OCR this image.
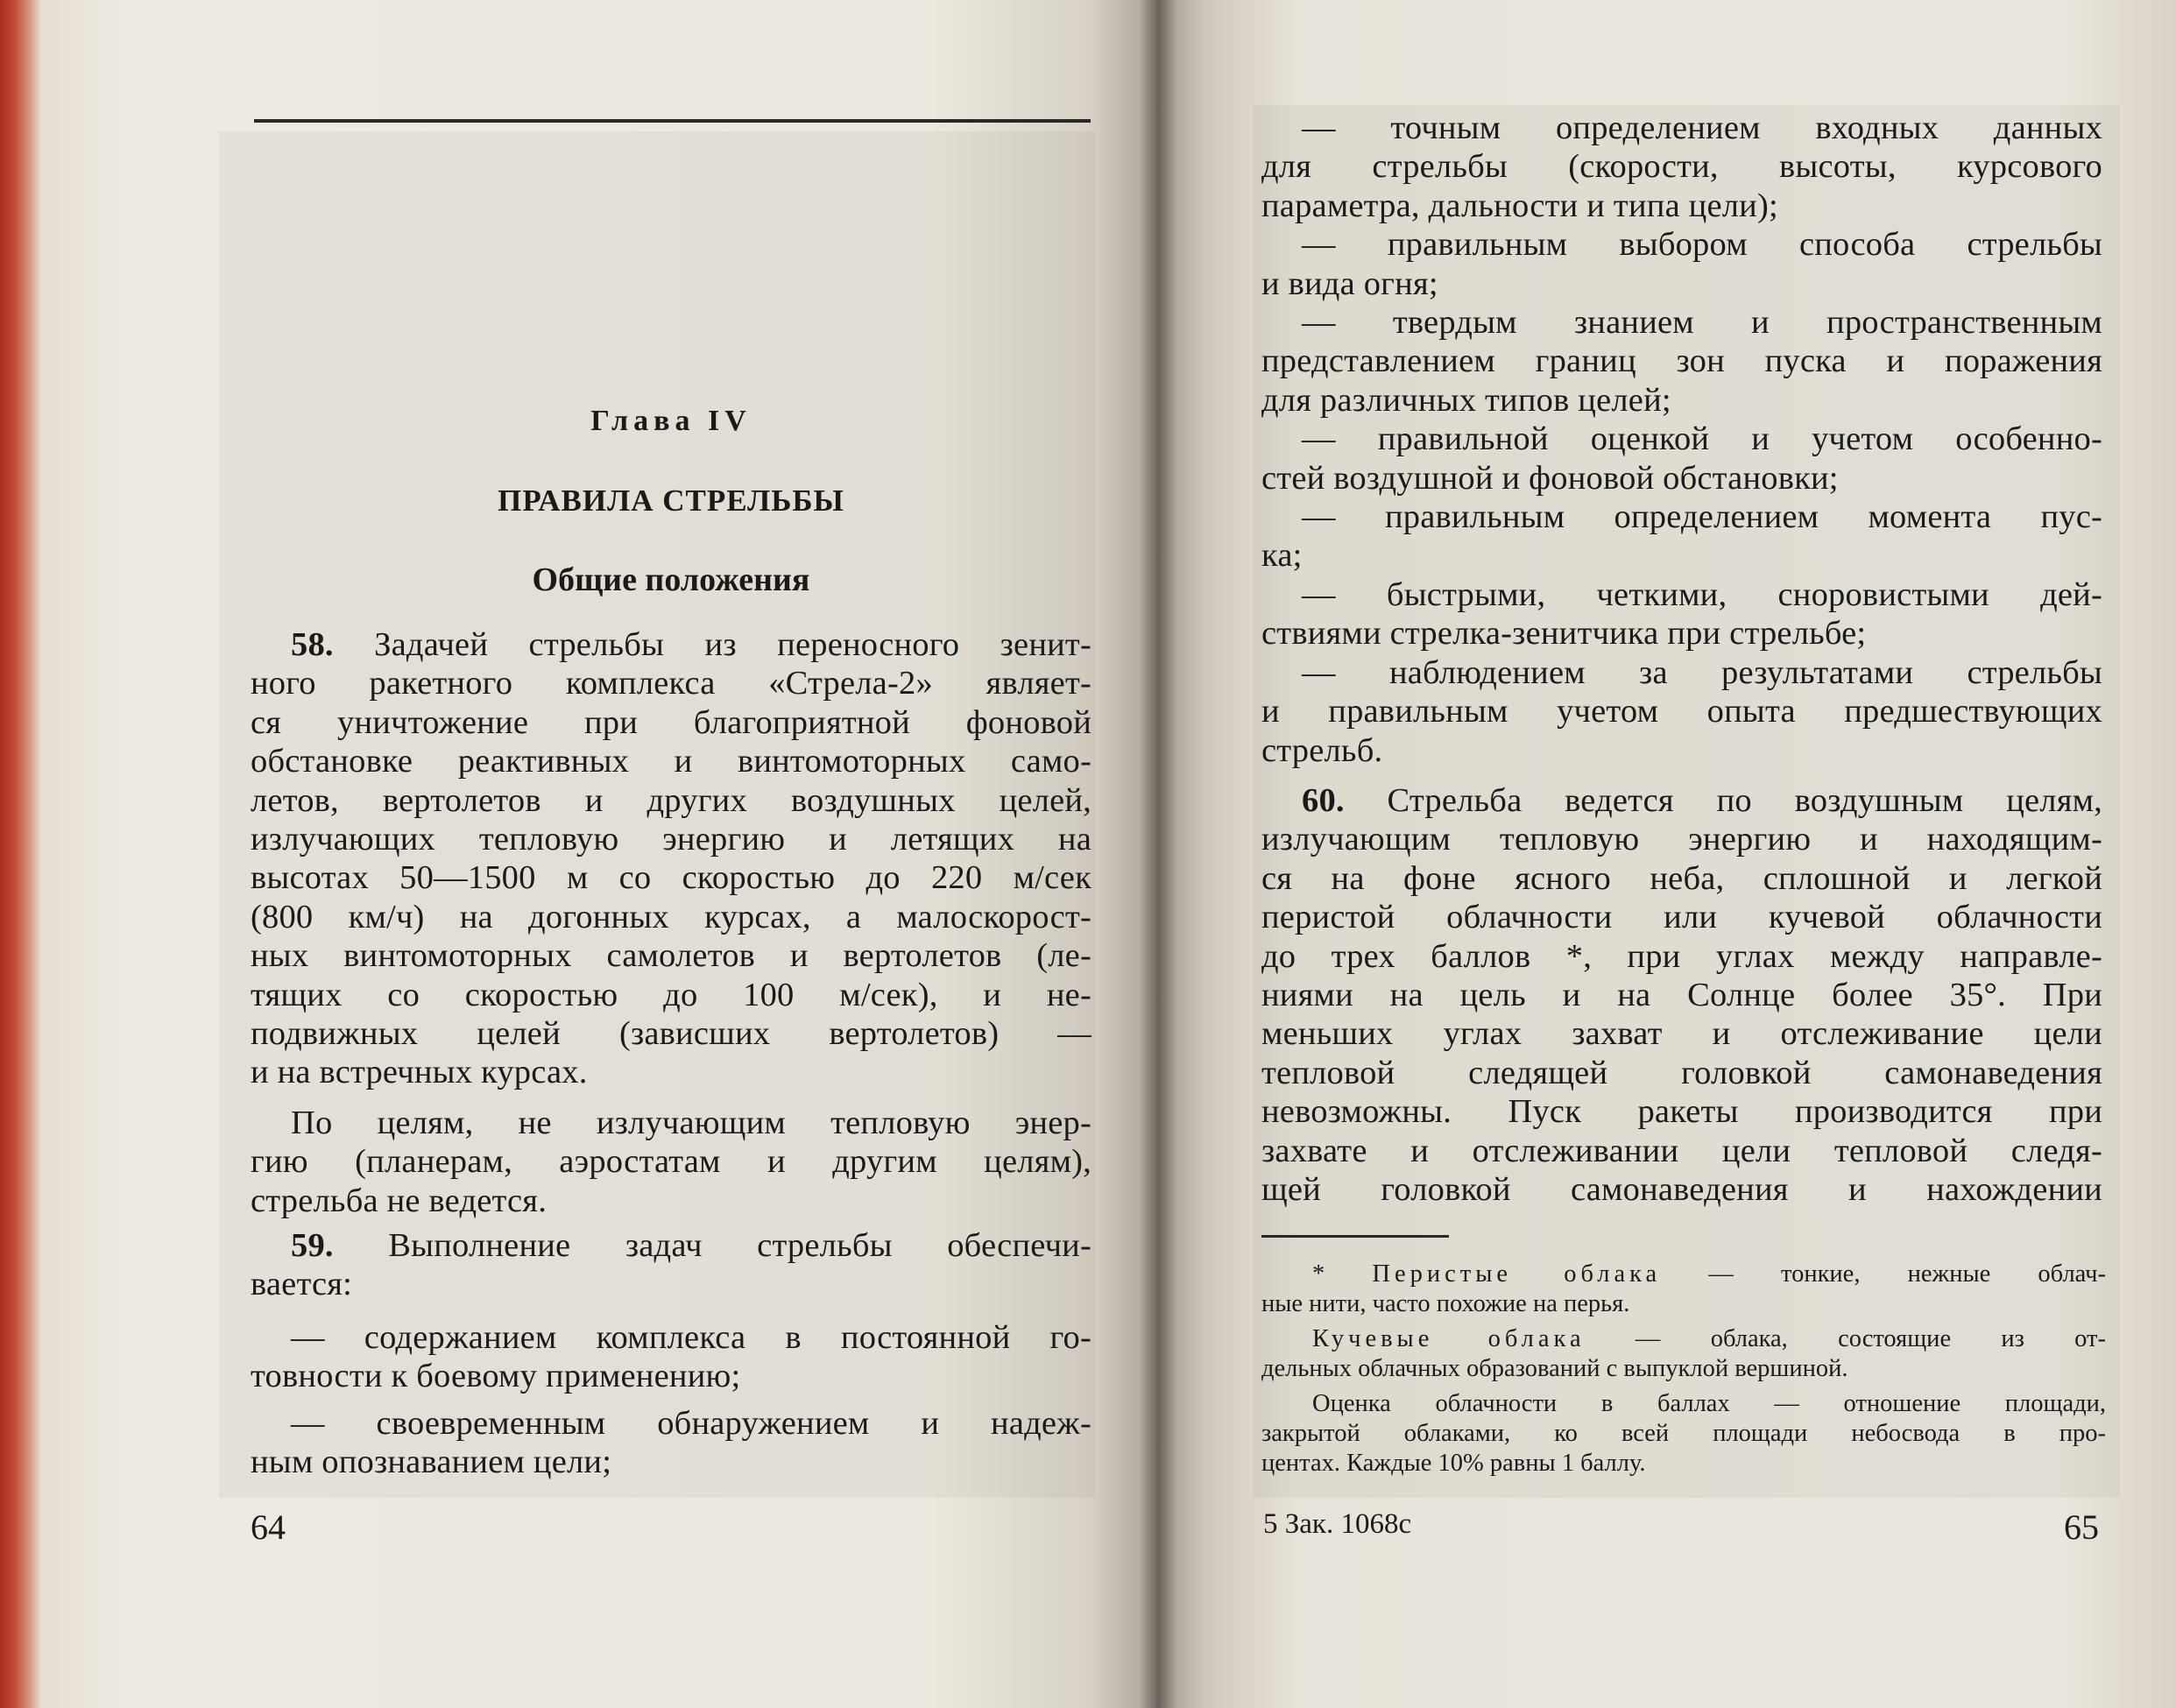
Глава IV
ПРАВИЛА СТРЕЛЬБЫ
Общие положения
58. Задачей стрельбы из переносного зенит-
ного ракетного комплекса «Стрела-2» являет-
ся уничтожение при благоприятной фоновой
обстановке реактивных и винтомоторных само-
летов, вертолетов и других воздушных целей,
излучающих тепловую энергию и летящих на
высотах 50—1500 м со скоростью до 220 м/сек
(800 км/ч) на догонных курсах, а малоскорост-
ных винтомоторных самолетов и вертолетов (ле-
тящих со скоростью до 100 м/сек), и не-
подвижных целей (зависших вертолетов) —
и на встречных курсах.
По целям, не излучающим тепловую энер-
гию (планерам, аэростатам и другим целям),
стрельба не ведется.
59. Выполнение задач стрельбы обеспечи-
вается:
— содержанием комплекса в постоянной го-
товности к боевому применению;
— своевременным обнаружением и надеж-
ным опознаванием цели;
64
— точным определением входных данных
для стрельбы (скорости, высоты, курсового
параметра, дальности и типа цели);
— правильным выбором способа стрельбы
и вида огня;
— твердым знанием и пространственным
представлением границ зон пуска и поражения
для различных типов целей;
— правильной оценкой и учетом особенно-
стей воздушной и фоновой обстановки;
— правильным определением момента пус-
ка;
— быстрыми, четкими, сноровистыми дей-
ствиями стрелка-зенитчика при стрельбе;
— наблюдением за результатами стрельбы
и правильным учетом опыта предшествующих
стрельб.
60. Стрельба ведется по воздушным целям,
излучающим тепловую энергию и находящим-
ся на фоне ясного неба, сплошной и легкой
перистой облачности или кучевой облачности
до трех баллов *, при углах между направле-
ниями на цель и на Солнце более 35°. При
меньших углах захват и отслеживание цели
тепловой следящей головкой самонаведения
невозможны. Пуск ракеты производится при
захвате и отслеживании цели тепловой следя-
щей головкой самонаведения и нахождении
* Перистые облака — тонкие, нежные облач-
ные нити, часто похожие на перья.
Кучевые облака — облака, состоящие из от-
дельных облачных образований с выпуклой вершиной.
Оценка облачности в баллах — отношение площади,
закрытой облаками, ко всей площади небосвода в про-
центах. Каждые 10% равны 1 баллу.
5 Зак. 1068с	65
